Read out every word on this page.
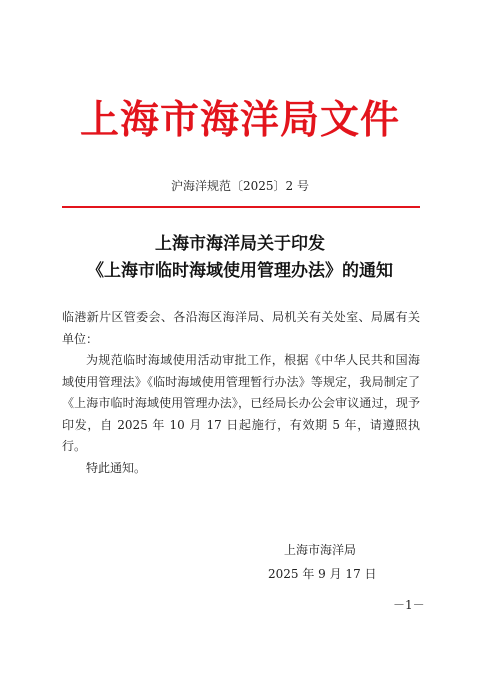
上海市海洋局文件
沪海洋规范〔2025〕2 号
上海市海洋局关于印发
《上海市临时海域使用管理办法》的通知
临港新片区管委会、各沿海区海洋局、局机关有关处室、局属有关单位：
为规范临时海域使用活动审批工作，根据《中华人民共和国海域使用管理法》《临时海域使用管理暂行办法》等规定，我局制定了《上海市临时海域使用管理办法》，已经局长办公会审议通过，现予印发，自 2025 年 10 月 17 日起施行，有效期 5 年，请遵照执行。
特此通知。
上海市海洋局
2025 年 9 月 17 日
－1－
